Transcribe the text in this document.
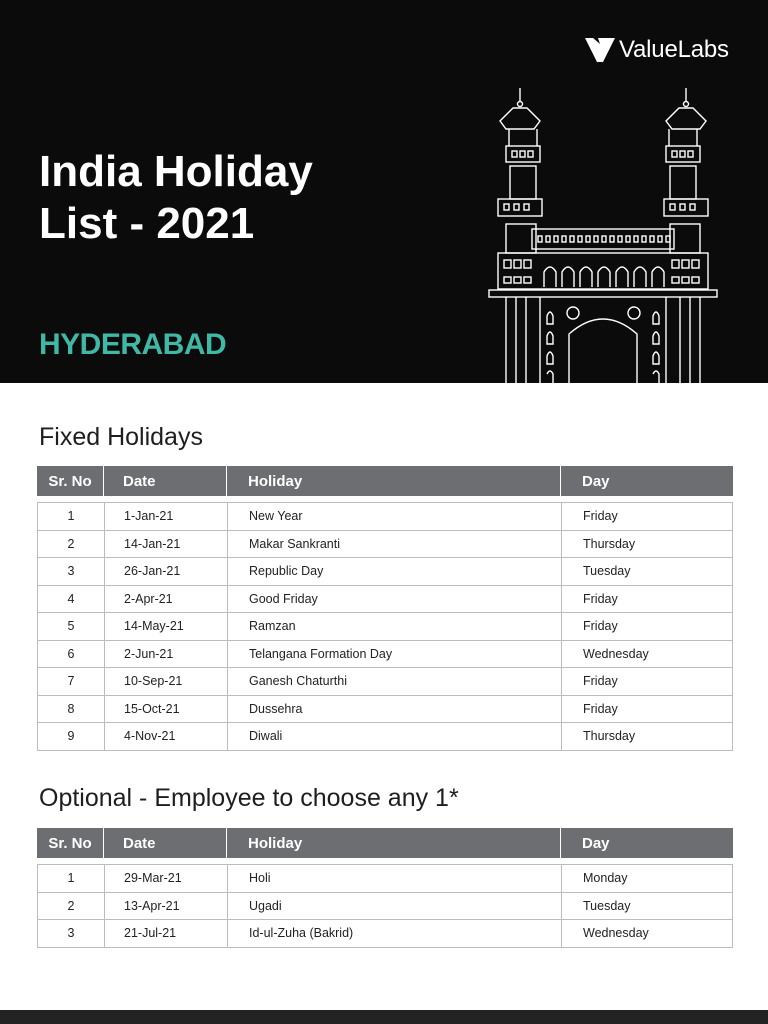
ValueLabs
India Holiday
List - 2021
HYDERABAD
Fixed Holidays
Sr. No	Date	Holiday	Day
1	1-Jan-21	New Year	Friday
2	14-Jan-21	Makar Sankranti	Thursday
3	26-Jan-21	Republic Day	Tuesday
4	2-Apr-21	Good Friday	Friday
5	14-May-21	Ramzan	Friday
6	2-Jun-21	Telangana Formation Day	Wednesday
7	10-Sep-21	Ganesh Chaturthi	Friday
8	15-Oct-21	Dussehra	Friday
9	4-Nov-21	Diwali	Thursday
Optional - Employee to choose any 1*
Sr. No	Date	Holiday	Day
1	29-Mar-21	Holi	Monday
2	13-Apr-21	Ugadi	Tuesday
3	21-Jul-21	Id-ul-Zuha (Bakrid)	Wednesday
